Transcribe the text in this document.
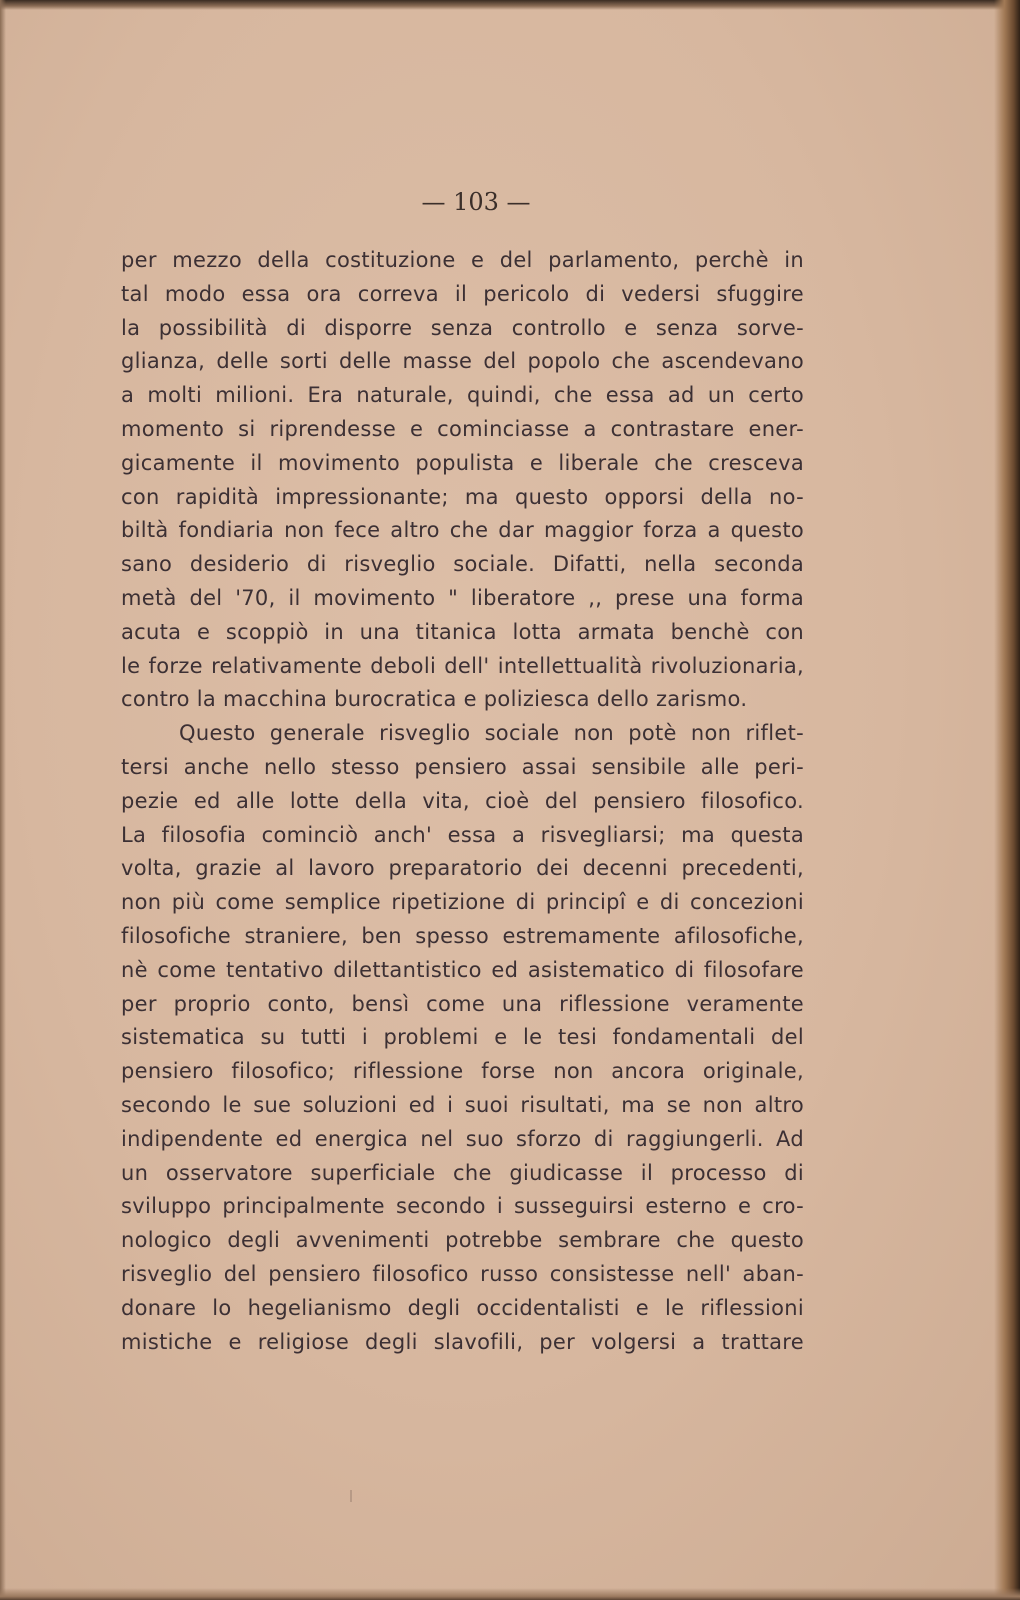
— 103 —
per mezzo della costituzione e del parlamento, perchè in
tal modo essa ora correva il pericolo di vedersi sfuggire
la possibilità di disporre senza controllo e senza sorve-
glianza, delle sorti delle masse del popolo che ascendevano
a molti milioni. Era naturale, quindi, che essa ad un certo
momento si riprendesse e cominciasse a contrastare ener-
gicamente il movimento populista e liberale che cresceva
con rapidità impressionante; ma questo opporsi della no-
biltà fondiaria non fece altro che dar maggior forza a questo
sano desiderio di risveglio sociale. Difatti, nella seconda
metà del '70, il movimento " liberatore ,, prese una forma
acuta e scoppiò in una titanica lotta armata benchè con
le forze relativamente deboli dell' intellettualità rivoluzionaria,
contro la macchina burocratica e poliziesca dello zarismo.
Questo generale risveglio sociale non potè non riflet-
tersi anche nello stesso pensiero assai sensibile alle peri-
pezie ed alle lotte della vita, cioè del pensiero filosofico.
La filosofia cominciò anch' essa a risvegliarsi; ma questa
volta, grazie al lavoro preparatorio dei decenni precedenti,
non più come semplice ripetizione di principî e di concezioni
filosofiche straniere, ben spesso estremamente afilosofiche,
nè come tentativo dilettantistico ed asistematico di filosofare
per proprio conto, bensì come una riflessione veramente
sistematica su tutti i problemi e le tesi fondamentali del
pensiero filosofico; riflessione forse non ancora originale,
secondo le sue soluzioni ed i suoi risultati, ma se non altro
indipendente ed energica nel suo sforzo di raggiungerli. Ad
un osservatore superficiale che giudicasse il processo di
sviluppo principalmente secondo i susseguirsi esterno e cro-
nologico degli avvenimenti potrebbe sembrare che questo
risveglio del pensiero filosofico russo consistesse nell' aban-
donare lo hegelianismo degli occidentalisti e le riflessioni
mistiche e religiose degli slavofili, per volgersi a trattare
